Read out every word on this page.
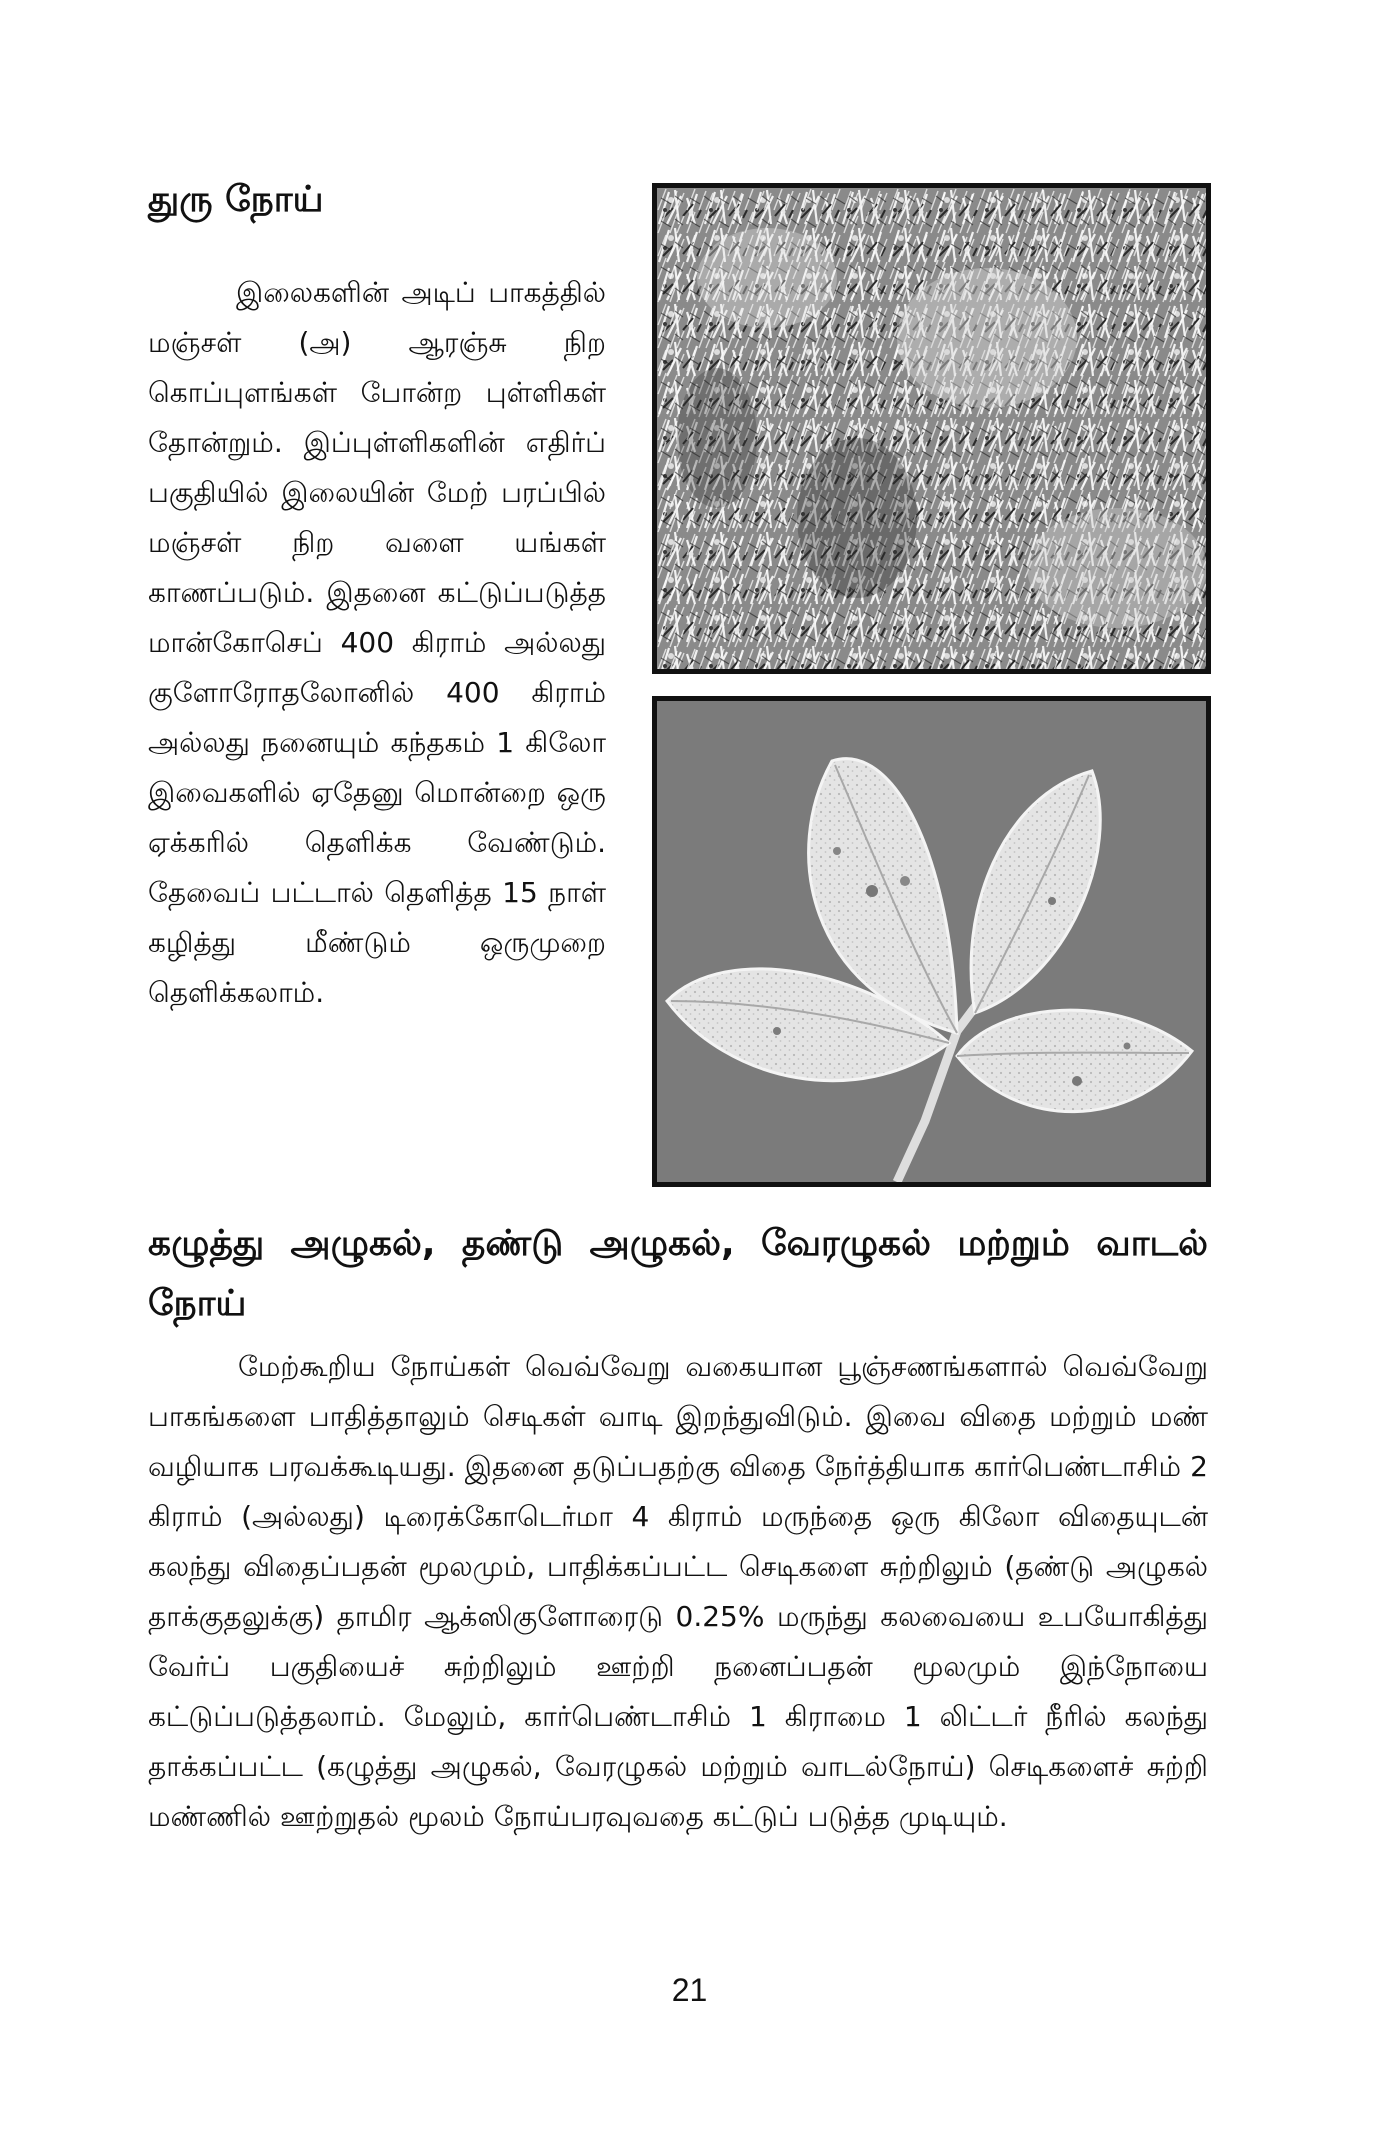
துரு நோய்

இலைகளின் அடிப் பாகத்தில் மஞ்சள் (அ) ஆரஞ்சு நிற கொப்புளங்கள் போன்ற புள்ளிகள் தோன்றும். இப்புள்ளிகளின் எதிர்ப் பகுதியில் இலையின் மேற் பரப்பில் மஞ்சள் நிற வளை யங்கள் காணப்படும். இதனை கட்டுப்படுத்த மான்கோசெப் 400 கிராம் அல்லது குளோரோதலோனில் 400 கிராம் அல்லது நனையும் கந்தகம் 1 கிலோ இவைகளில் ஏதேனு மொன்றை ஒரு ஏக்கரில் தெளிக்க வேண்டும். தேவைப் பட்டால் தெளித்த 15 நாள் கழித்து மீண்டும் ஒருமுறை தெளிக்கலாம்.

கழுத்து அழுகல், தண்டு அழுகல், வேரழுகல் மற்றும் வாடல் நோய்

மேற்கூறிய நோய்கள் வெவ்வேறு வகையான பூஞ்சணங்களால் வெவ்வேறு பாகங்களை பாதித்தாலும் செடிகள் வாடி இறந்துவிடும். இவை விதை மற்றும் மண் வழியாக பரவக்கூடியது. இதனை தடுப்பதற்கு விதை நேர்த்தியாக கார்பெண்டாசிம் 2 கிராம் (அல்லது) டிரைக்கோடெர்மா 4 கிராம் மருந்தை ஒரு கிலோ விதையுடன் கலந்து விதைப்பதன் மூலமும், பாதிக்கப்பட்ட செடிகளை சுற்றிலும் (தண்டு அழுகல் தாக்குதலுக்கு) தாமிர ஆக்ஸிகுளோரைடு 0.25% மருந்து கலவையை உபயோகித்து வேர்ப் பகுதியைச் சுற்றிலும் ஊற்றி நனைப்பதன் மூலமும் இந்நோயை கட்டுப்படுத்தலாம். மேலும், கார்பெண்டாசிம் 1 கிராமை 1 லிட்டர் நீரில் கலந்து தாக்கப்பட்ட (கழுத்து அழுகல், வேரழுகல் மற்றும் வாடல்நோய்) செடிகளைச் சுற்றி மண்ணில் ஊற்றுதல் மூலம் நோய்பரவுவதை கட்டுப் படுத்த முடியும்.

21
